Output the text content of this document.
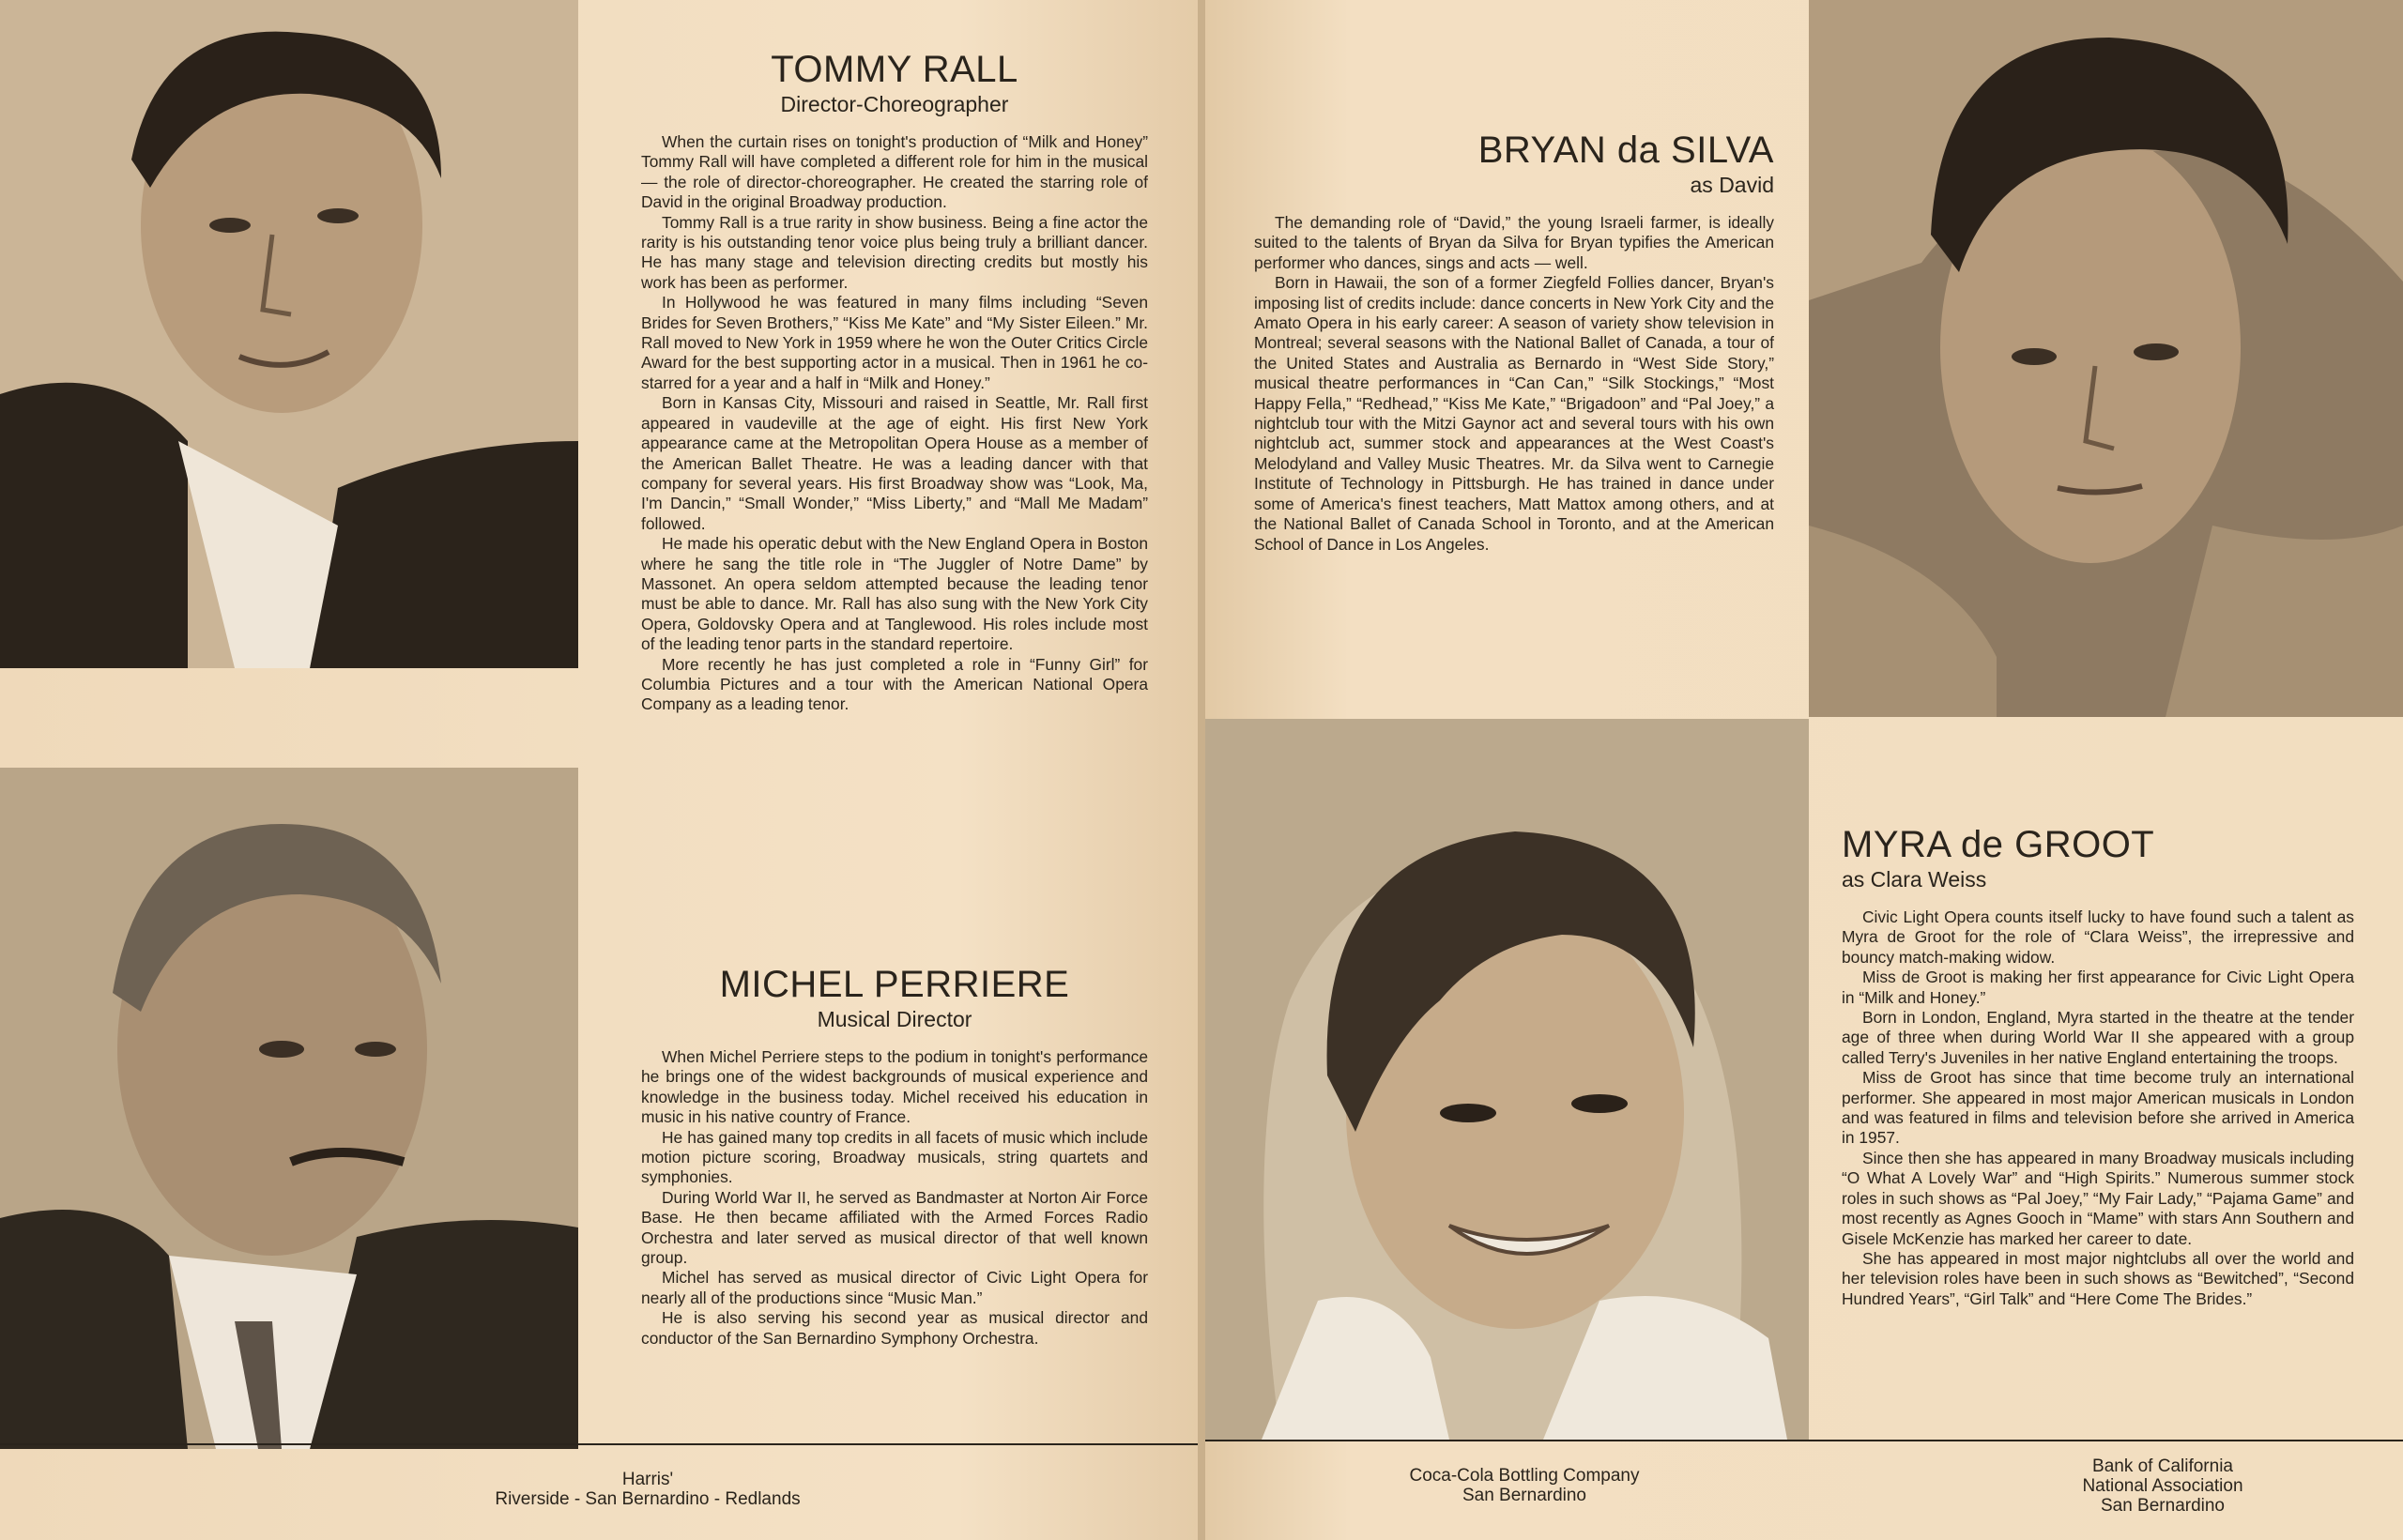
TOMMY RALL
Director-Choreographer

When the curtain rises on tonight's production of “Milk and Honey” Tommy Rall will have completed a different role for him in the musical — the role of director-choreographer. He created the starring role of David in the original Broadway production.

Tommy Rall is a true rarity in show business. Being a fine actor the rarity is his outstanding tenor voice plus being truly a brilliant dancer. He has many stage and television directing credits but mostly his work has been as performer.

In Hollywood he was featured in many films including “Seven Brides for Seven Brothers,” “Kiss Me Kate” and “My Sister Eileen.” Mr. Rall moved to New York in 1959 where he won the Outer Critics Circle Award for the best supporting actor in a musical. Then in 1961 he co-starred for a year and a half in “Milk and Honey.”

Born in Kansas City, Missouri and raised in Seattle, Mr. Rall first appeared in vaudeville at the age of eight. His first New York appearance came at the Metropolitan Opera House as a member of the American Ballet Theatre. He was a leading dancer with that company for several years. His first Broadway show was “Look, Ma, I'm Dancin,” “Small Wonder,” “Miss Liberty,” and “Mall Me Madam” followed.

He made his operatic debut with the New England Opera in Boston where he sang the title role in “The Juggler of Notre Dame” by Massonet. An opera seldom attempted because the leading tenor must be able to dance. Mr. Rall has also sung with the New York City Opera, Goldovsky Opera and at Tanglewood. His roles include most of the leading tenor parts in the standard repertoire.

More recently he has just completed a role in “Funny Girl” for Columbia Pictures and a tour with the American National Opera Company as a leading tenor.

MICHEL PERRIERE
Musical Director

When Michel Perriere steps to the podium in tonight's performance he brings one of the widest backgrounds of musical experience and knowledge in the business today. Michel received his education in music in his native country of France.

He has gained many top credits in all facets of music which include motion picture scoring, Broadway musicals, string quartets and symphonies.

During World War II, he served as Bandmaster at Norton Air Force Base. He then became affiliated with the Armed Forces Radio Orchestra and later served as musical director of that well known group.

Michel has served as musical director of Civic Light Opera for nearly all of the productions since “Music Man.”

He is also serving his second year as musical director and conductor of the San Bernardino Symphony Orchestra.

Harris'
Riverside - San Bernardino - Redlands
BRYAN da SILVA
as David

The demanding role of “David,” the young Israeli farmer, is ideally suited to the talents of Bryan da Silva for Bryan typifies the American performer who dances, sings and acts — well.

Born in Hawaii, the son of a former Ziegfeld Follies dancer, Bryan's imposing list of credits include: dance concerts in New York City and the Amato Opera in his early career: A season of variety show television in Montreal; several seasons with the National Ballet of Canada, a tour of the United States and Australia as Bernardo in “West Side Story,” musical theatre performances in “Can Can,” “Silk Stockings,” “Most Happy Fella,” “Redhead,” “Kiss Me Kate,” “Brigadoon” and “Pal Joey,” a nightclub tour with the Mitzi Gaynor act and several tours with his own nightclub act, summer stock and appearances at the West Coast's Melodyland and Valley Music Theatres. Mr. da Silva went to Carnegie Institute of Technology in Pittsburgh. He has trained in dance under some of America's finest teachers, Matt Mattox among others, and at the National Ballet of Canada School in Toronto, and at the American School of Dance in Los Angeles.

MYRA de GROOT
as Clara Weiss

Civic Light Opera counts itself lucky to have found such a talent as Myra de Groot for the role of “Clara Weiss”, the irrepressive and bouncy match-making widow.

Miss de Groot is making her first appearance for Civic Light Opera in “Milk and Honey.”

Born in London, England, Myra started in the theatre at the tender age of three when during World War II she appeared with a group called Terry's Juveniles in her native England entertaining the troops.

Miss de Groot has since that time become truly an international performer. She appeared in most major American musicals in London and was featured in films and television before she arrived in America in 1957.

Since then she has appeared in many Broadway musicals including “O What A Lovely War” and “High Spirits.” Numerous summer stock roles in such shows as “Pal Joey,” “My Fair Lady,” “Pajama Game” and most recently as Agnes Gooch in “Mame” with stars Ann Southern and Gisele McKenzie has marked her career to date.

She has appeared in most major nightclubs all over the world and her television roles have been in such shows as “Bewitched”, “Second Hundred Years”, “Girl Talk” and “Here Come The Brides.”

Coca-Cola Bottling Company
San Bernardino
Bank of California
National Association
San Bernardino
